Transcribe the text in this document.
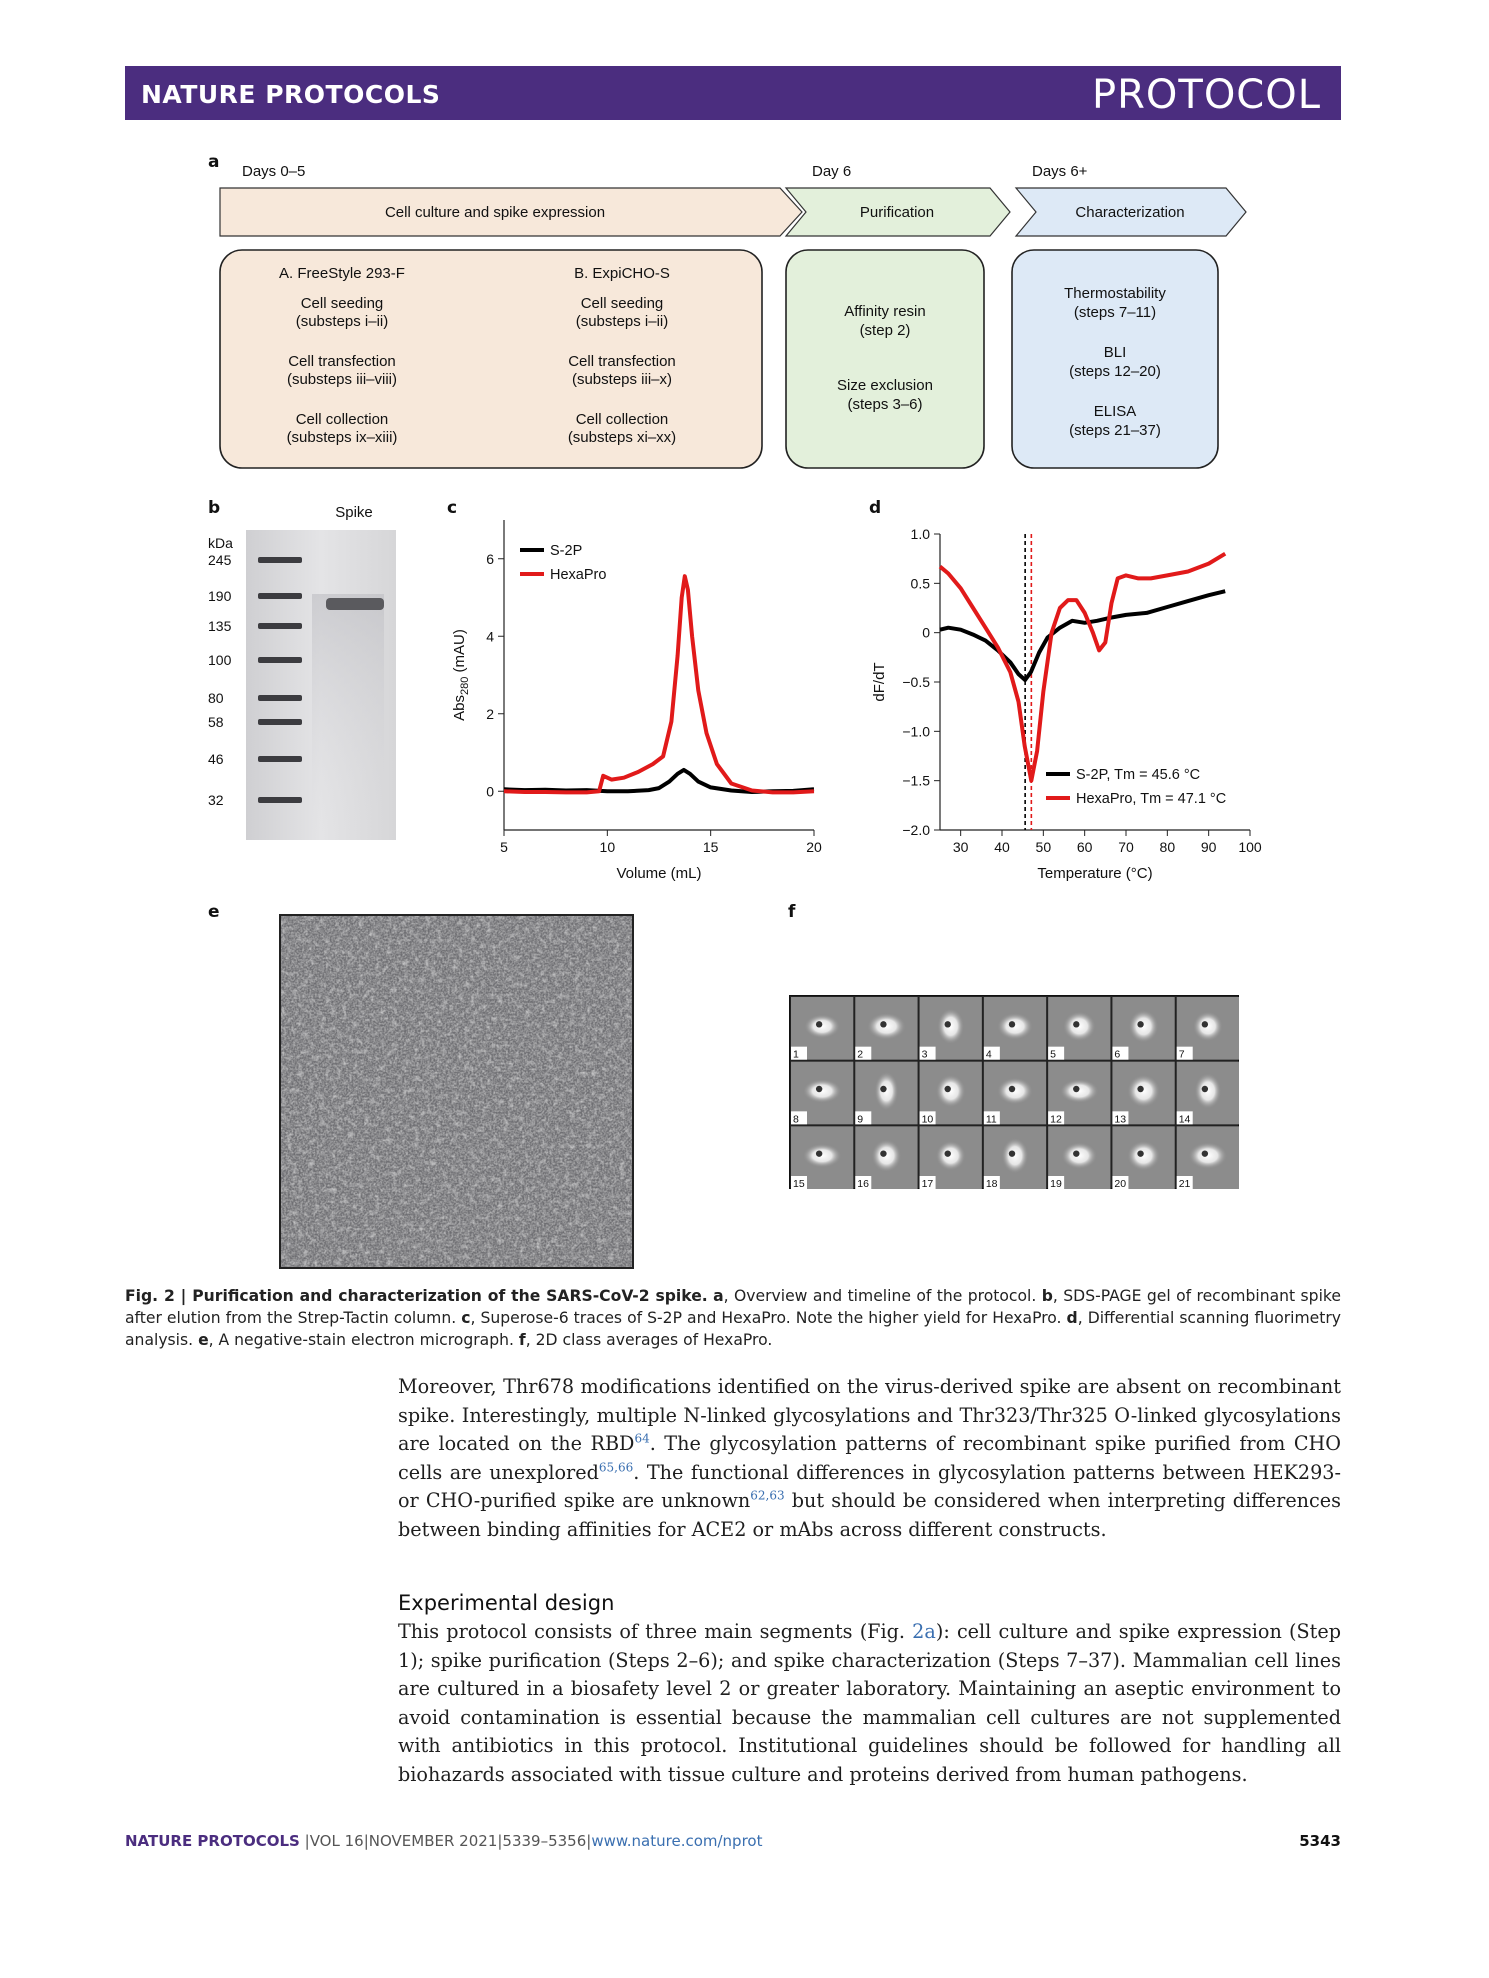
NATURE PROTOCOLS	PROTOCOL
a
b	c	d
e	f
Days 0–5	Day 6	Days 6+
Cell culture and spike expression	Purification	Characterization
A. FreeStyle 293-F
Cell seeding
(substeps i–ii)
Cell transfection
(substeps iii–viii)
Cell collection
(substeps ix–xiii)
B. ExpiCHO-S
Cell seeding
(substeps i–ii)
Cell transfection
(substeps iii–x)
Cell collection
(substeps xi–xx)
Affinity resin
(step 2)
Size exclusion
(steps 3–6)
Thermostability
(steps 7–11)
BLI
(steps 12–20)
ELISA
(steps 21–37)
Spike
kDa
245
190
135
100
80
58
46
32
5	10	15	20
0
2
4
6
Volume (mL)
Abs$_{280}$ (mAU)
S-2P
HexaPro
30 40 50 60 70 80 90 100
−2.0
−1.5
−1.0
−0.5
0
0.5
1.0
Temperature (°C)
dF/dT
S-2P, Tm = 45.6 °C
HexaPro, Tm = 47.1 °C
1	2	3	4	5	6	7
8	9	10	11	12	13	14
15	16	17	18	19	20	21
Fig. 2 | Purification and characterization of the SARS-CoV-2 spike. a, Overview and timeline of the protocol. b, SDS-PAGE gel of recombinant spike after elution from the Strep-Tactin column. c, Superose-6 traces of S-2P and HexaPro. Note the higher yield for HexaPro. d, Differential scanning fluorimetry analysis. e, A negative-stain electron micrograph. f, 2D class averages of HexaPro.
Moreover, Thr678 modifications identified on the virus-derived spike are absent on recombinant spike. Interestingly, multiple N-linked glycosylations and Thr323/Thr325 O-linked glycosylations are located on the RBD$^{64}$. The glycosylation patterns of recombinant spike purified from CHO cells are unexplored$^{65,66}$. The functional differences in glycosylation patterns between HEK293- or CHO-purified spike are unknown$^{62,63}$ but should be considered when interpreting differences between binding affinities for ACE2 or mAbs across different constructs.
Experimental design
This protocol consists of three main segments (Fig. 2a): cell culture and spike expression (Step 1); spike purification (Steps 2–6); and spike characterization (Steps 7–37). Mammalian cell lines are cultured in a biosafety level 2 or greater laboratory. Maintaining an aseptic environment to avoid contamination is essential because the mammalian cell cultures are not supplemented with antibiotics in this protocol. Institutional guidelines should be followed for handling all biohazards associated with tissue culture and proteins derived from human pathogens.
NATURE PROTOCOLS |VOL 16|NOVEMBER 2021|5339–5356|www.nature.com/nprot	5343
